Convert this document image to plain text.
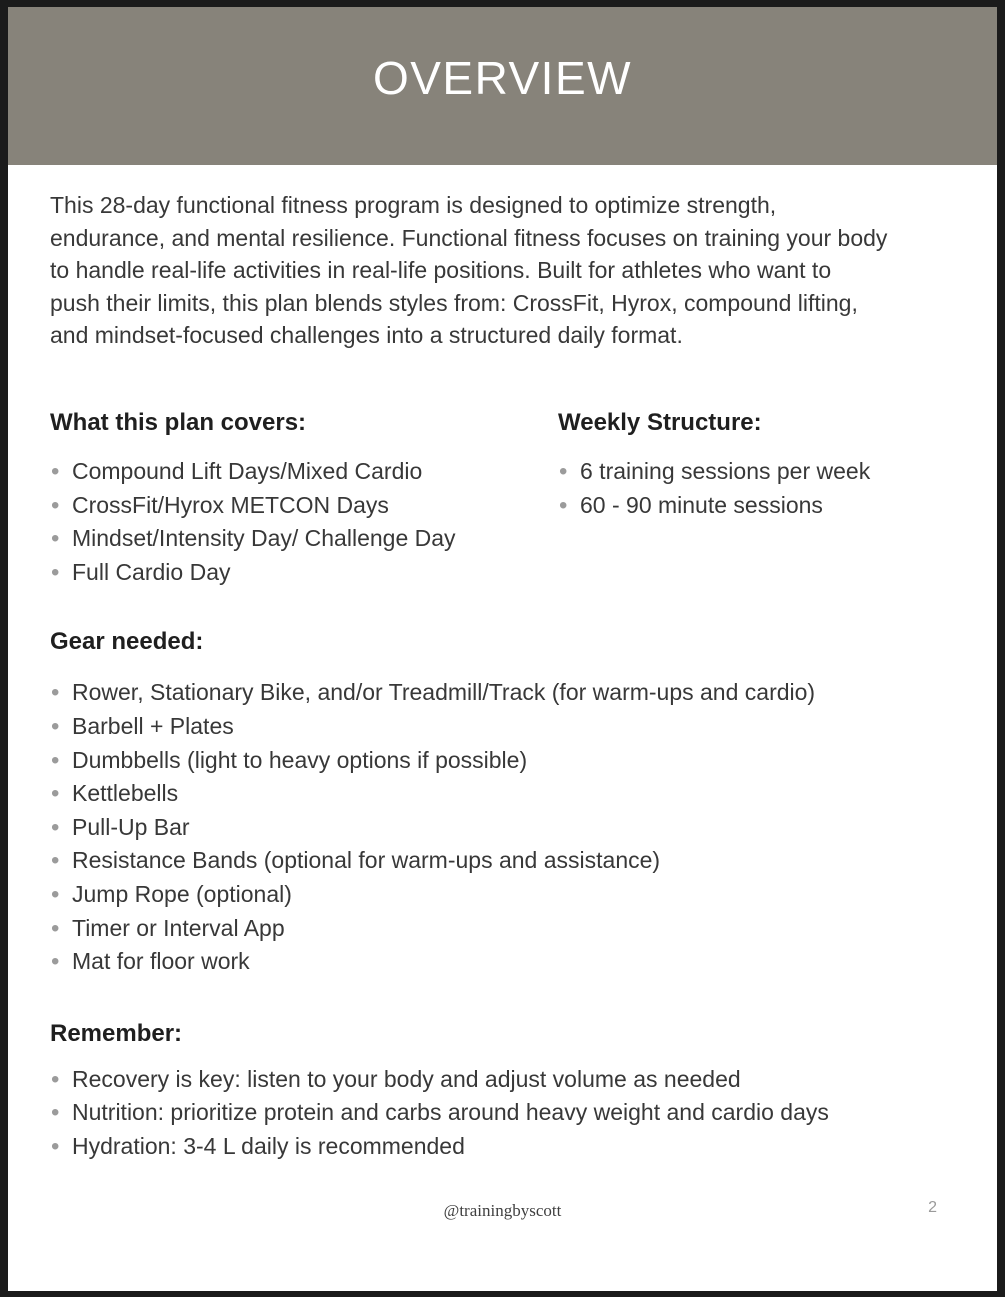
OVERVIEW

This 28-day functional fitness program is designed to optimize strength,
endurance, and mental resilience. Functional fitness focuses on training your body
to handle real-life activities in real-life positions. Built for athletes who want to
push their limits, this plan blends styles from: CrossFit, Hyrox, compound lifting,
and mindset-focused challenges into a structured daily format.

What this plan covers:
•
Compound Lift Days/Mixed Cardio
•
CrossFit/Hyrox METCON Days
•
Mindset/Intensity Day/ Challenge Day
•
Full Cardio Day
Weekly Structure:
•
6 training sessions per week
•
60 - 90 minute sessions
Gear needed:
•
Rower, Stationary Bike, and/or Treadmill/Track (for warm-ups and cardio)
•
Barbell + Plates
•
Dumbbells (light to heavy options if possible)
•
Kettlebells
•
Pull-Up Bar
•
Resistance Bands (optional for warm-ups and assistance)
•
Jump Rope (optional)
•
Timer or Interval App
•
Mat for floor work
Remember:
•
Recovery is key: listen to your body and adjust volume as needed
•
Nutrition: prioritize protein and carbs around heavy weight and cardio days
•
Hydration: 3-4 L daily is recommended
@trainingbyscott	2
